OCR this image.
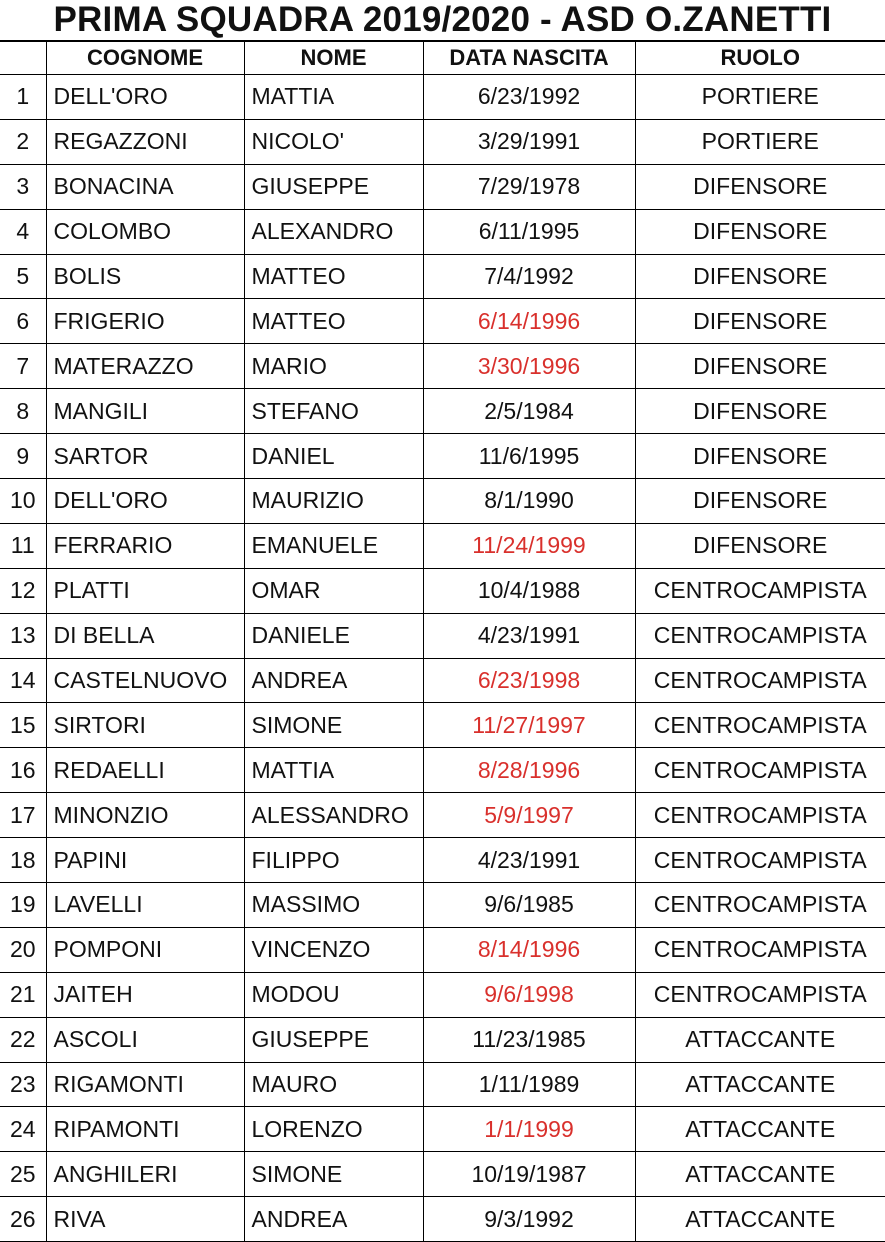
PRIMA SQUADRA 2019/2020 - ASD O.ZANETTI
	COGNOME	NOME	DATA NASCITA	RUOLO
1	DELL'ORO	MATTIA	6/23/1992	PORTIERE
2	REGAZZONI	NICOLO'	3/29/1991	PORTIERE
3	BONACINA	GIUSEPPE	7/29/1978	DIFENSORE
4	COLOMBO	ALEXANDRO	6/11/1995	DIFENSORE
5	BOLIS	MATTEO	7/4/1992	DIFENSORE
6	FRIGERIO	MATTEO	6/14/1996	DIFENSORE
7	MATERAZZO	MARIO	3/30/1996	DIFENSORE
8	MANGILI	STEFANO	2/5/1984	DIFENSORE
9	SARTOR	DANIEL	11/6/1995	DIFENSORE
10	DELL'ORO	MAURIZIO	8/1/1990	DIFENSORE
11	FERRARIO	EMANUELE	11/24/1999	DIFENSORE
12	PLATTI	OMAR	10/4/1988	CENTROCAMPISTA
13	DI BELLA	DANIELE	4/23/1991	CENTROCAMPISTA
14	CASTELNUOVO	ANDREA	6/23/1998	CENTROCAMPISTA
15	SIRTORI	SIMONE	11/27/1997	CENTROCAMPISTA
16	REDAELLI	MATTIA	8/28/1996	CENTROCAMPISTA
17	MINONZIO	ALESSANDRO	5/9/1997	CENTROCAMPISTA
18	PAPINI	FILIPPO	4/23/1991	CENTROCAMPISTA
19	LAVELLI	MASSIMO	9/6/1985	CENTROCAMPISTA
20	POMPONI	VINCENZO	8/14/1996	CENTROCAMPISTA
21	JAITEH	MODOU	9/6/1998	CENTROCAMPISTA
22	ASCOLI	GIUSEPPE	11/23/1985	ATTACCANTE
23	RIGAMONTI	MAURO	1/11/1989	ATTACCANTE
24	RIPAMONTI	LORENZO	1/1/1999	ATTACCANTE
25	ANGHILERI	SIMONE	10/19/1987	ATTACCANTE
26	RIVA	ANDREA	9/3/1992	ATTACCANTE
